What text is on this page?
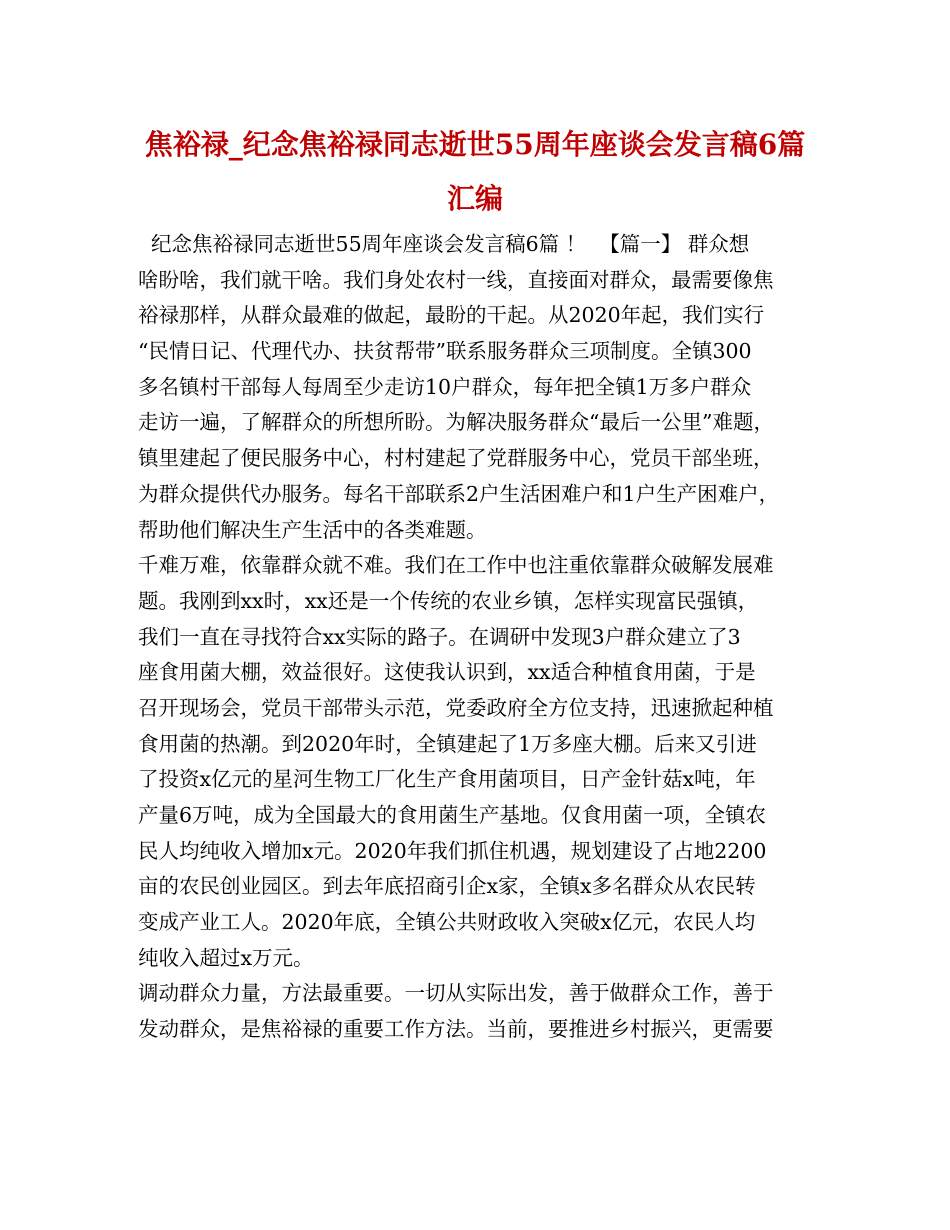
焦裕禄_纪念焦裕禄同志逝世55周年座谈会发言稿6篇
汇编
纪念焦裕禄同志逝世55周年座谈会发言稿6篇 ！  【篇一】 群众想
啥盼啥，我们就干啥。我们身处农村一线，直接面对群众，最需要像焦
裕禄那样，从群众最难的做起，最盼的干起。从2020年起，我们实行
“民情日记、代理代办、扶贫帮带”联系服务群众三项制度。全镇300
多名镇村干部每人每周至少走访10户群众，每年把全镇1万多户群众
走访一遍，了解群众的所想所盼。为解决服务群众“最后一公里”难题，
镇里建起了便民服务中心，村村建起了党群服务中心，党员干部坐班，
为群众提供代办服务。每名干部联系2户生活困难户和1户生产困难户，
帮助他们解决生产生活中的各类难题。
千难万难，依靠群众就不难。我们在工作中也注重依靠群众破解发展难
题。我刚到xx时，xx还是一个传统的农业乡镇，怎样实现富民强镇，
我们一直在寻找符合xx实际的路子。在调研中发现3户群众建立了3
座食用菌大棚，效益很好。这使我认识到，xx适合种植食用菌，于是
召开现场会，党员干部带头示范，党委政府全方位支持，迅速掀起种植
食用菌的热潮。到2020年时，全镇建起了1万多座大棚。后来又引进
了投资x亿元的星河生物工厂化生产食用菌项目，日产金针菇x吨，年
产量6万吨，成为全国最大的食用菌生产基地。仅食用菌一项，全镇农
民人均纯收入增加x元。2020年我们抓住机遇，规划建设了占地2200
亩的农民创业园区。到去年底招商引企x家，全镇x多名群众从农民转
变成产业工人。2020年底，全镇公共财政收入突破x亿元，农民人均
纯收入超过x万元。
调动群众力量，方法最重要。一切从实际出发，善于做群众工作，善于
发动群众，是焦裕禄的重要工作方法。当前，要推进乡村振兴，更需要
